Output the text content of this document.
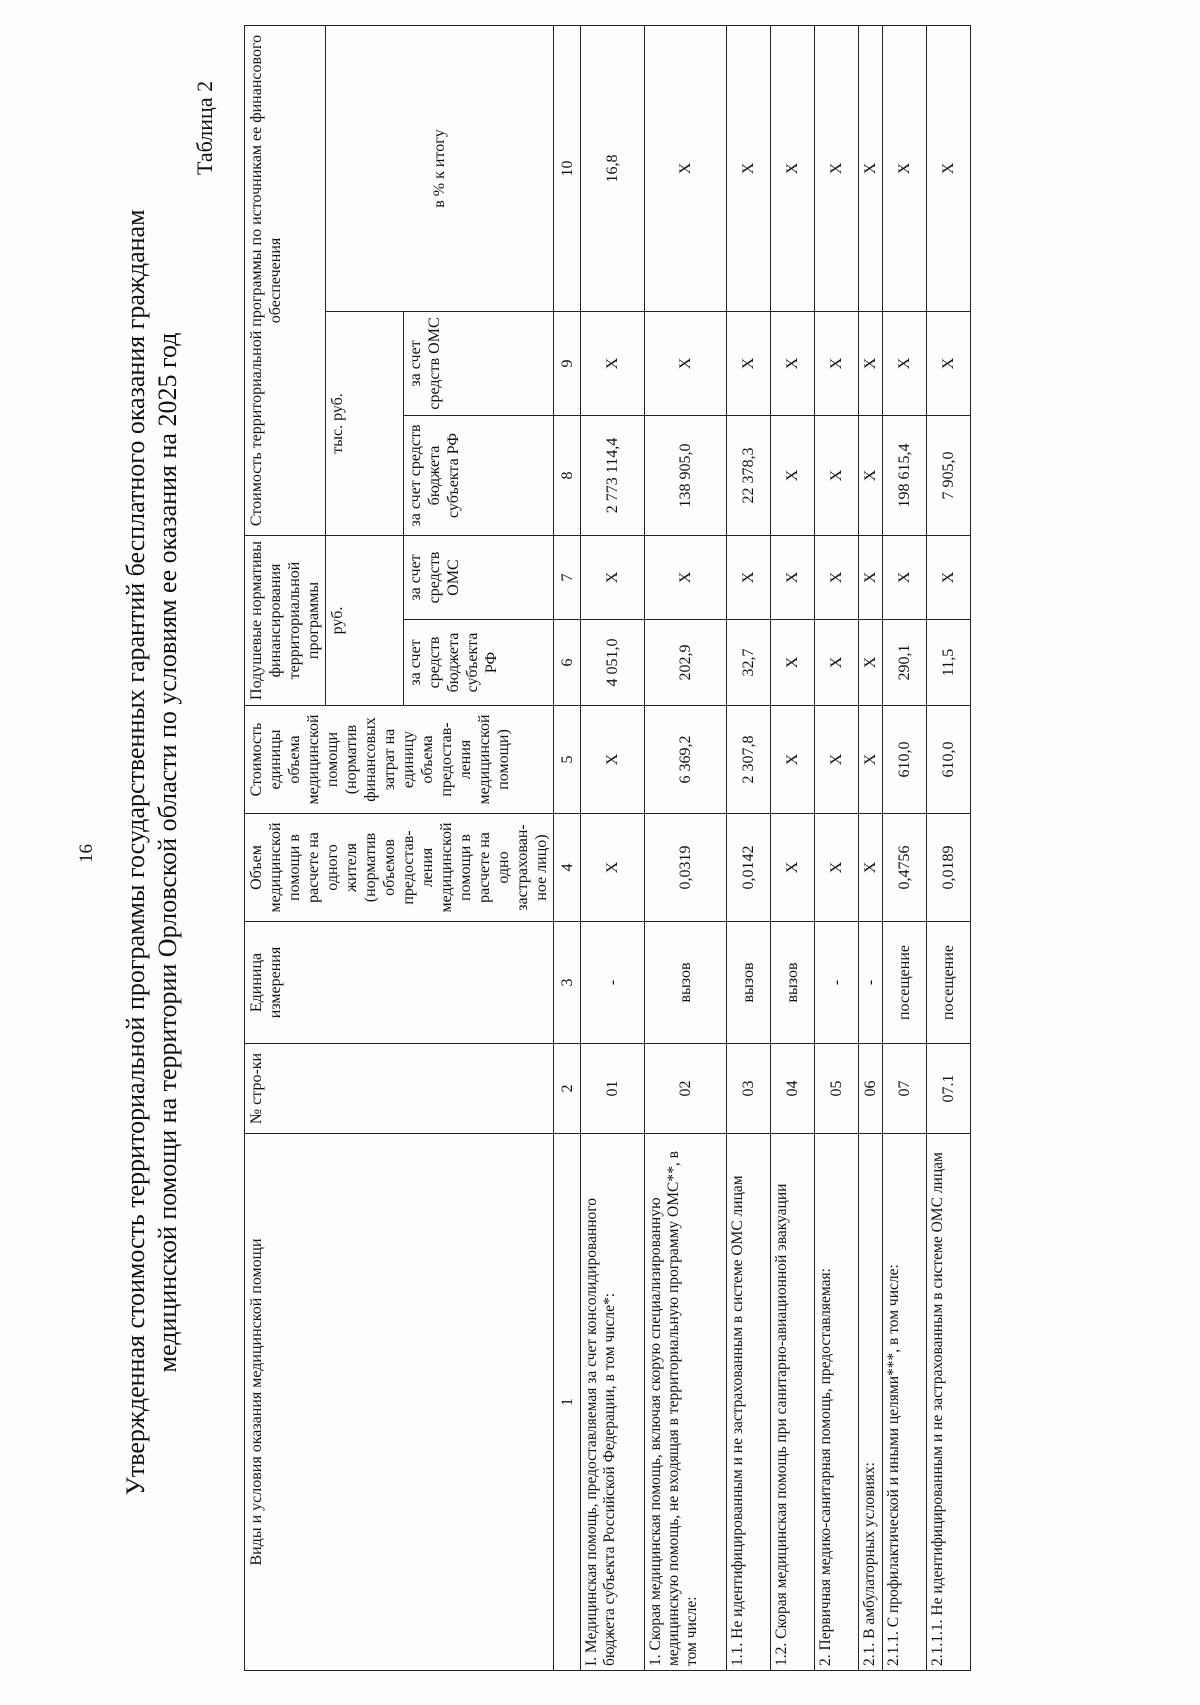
16 Утвержденная стоимость территориальной программы государственных гарантий бесплатного оказания гражданам медицинской помощи на территории Орловской области по условиям ее оказания на 2025 год
Таблица 2
Виды и условия оказания медицинской помощи	№ стро-ки	Единица измерения	Объем медицинской помощи в расчете на одного жителя (норматив объемов предостав-ления медицинской помощи в расчете на одно застрахован-ное лицо)	Стоимость единицы объема медицинской помощи (норматив финансовых затрат на единицу объема предостав-ления медицинской помощи)	Подушевые нормативы финансирования территориальной программы		Стоимость территориальной программы по источникам ее финансового обеспечения		
					руб.		тыс. руб.		в % к итогу
					за счет средств бюджета субъекта РФ	за счет средств ОМС	за счет средств бюджета субъекта РФ	за счет средств ОМС	
1	2	3	4	5	6	7	8	9	10
I. Медицинская помощь, предоставляемая за счет консолидированного бюджета субъекта Российской Федерации, в том числе*:	01	-	Х	Х	4 051,0	Х	2 773 114,4	Х	16,8
1. Скорая медицинская помощь, включая скорую специализированную медицинскую помощь, не входящая в территориальную программу ОМС**, в том числе:	02	вызов	0,0319	6 369,2	202,9	Х	138 905,0	Х	Х
1.1. Не идентифицированным и не застрахованным в системе ОМС лицам	03	вызов	0,0142	2 307,8	32,7	Х	22 378,3	Х	Х
1.2. Скорая медицинская помощь при санитарно-авиационной эвакуации	04	вызов	Х	Х	Х	Х	Х	Х	Х
2. Первичная медико-санитарная помощь, предоставляемая:	05	-	Х	Х	Х	Х	Х	Х	Х
2.1. В амбулаторных условиях:	06	-	Х	Х	Х	Х	Х	Х	Х
2.1.1. С профилактической и иными целями***, в том числе:	07	посещение	0,4756	610,0	290,1	Х	198 615,4	Х	Х
2.1.1.1. Не идентифицированным и не застрахованным в системе ОМС лицам	07.1	посещение	0,0189	610,0	11,5	Х	7 905,0	Х	Х
